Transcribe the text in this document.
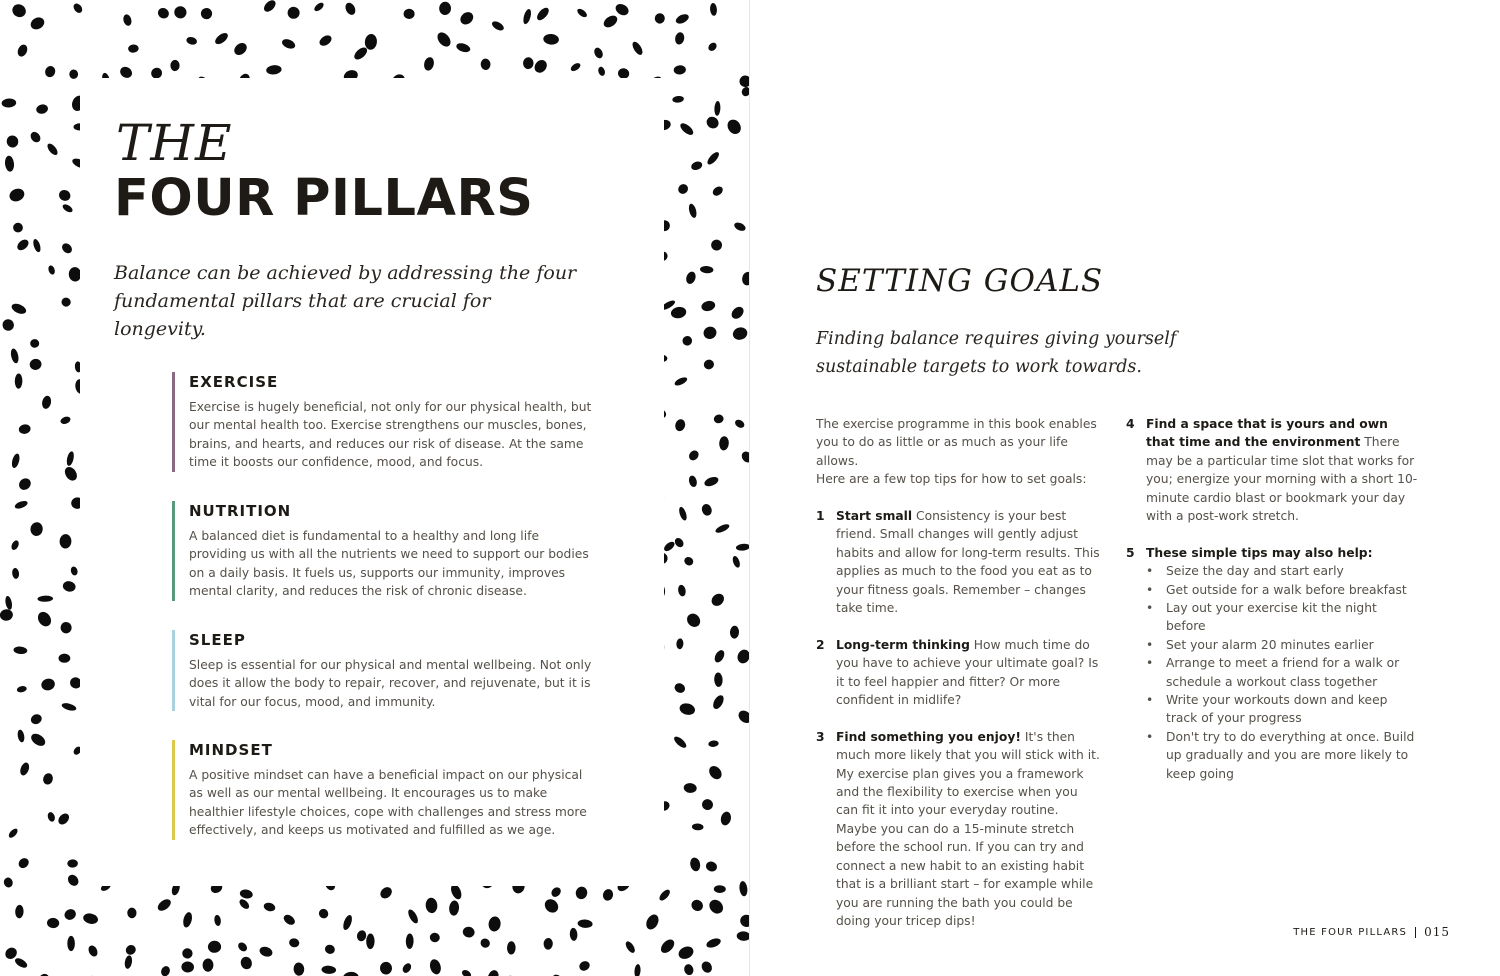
THE
FOUR PILLARS
Balance can be achieved by addressing the four
fundamental pillars that are crucial for longevity.
EXERCISE

Exercise is hugely beneficial, not only for our physical health, but our mental health too. Exercise strengthens our muscles, bones, brains, and hearts, and reduces our risk of disease. At the same time it boosts our confidence, mood, and focus.

NUTRITION

A balanced diet is fundamental to a healthy and long life providing us with all the nutrients we need to support our bodies on a daily basis. It fuels us, supports our immunity, improves mental clarity, and reduces the risk of chronic disease.

SLEEP

Sleep is essential for our physical and mental wellbeing. Not only does it allow the body to repair, recover, and rejuvenate, but it is vital for our focus, mood, and immunity.

MINDSET

A positive mindset can have a beneficial impact on our physical as well as our mental wellbeing. It encourages us to make healthier lifestyle choices, cope with challenges and stress more effectively, and keeps us motivated and fulfilled as we age.

SETTING GOALS
Finding balance requires giving yourself
sustainable targets to work towards.

The exercise programme in this book enables
you to do as little or as much as your life allows.
Here are a few top tips for how to set goals:

1 Start small Consistency is your best friend. Small changes will gently adjust habits and allow for long-term results. This applies as much to the food you eat as to your fitness goals. Remember – changes take time.
2 Long-term thinking How much time do you have to achieve your ultimate goal? Is it to feel happier and fitter? Or more confident in midlife?
3 Find something you enjoy! It's then much more likely that you will stick with it. My exercise plan gives you a framework and the flexibility to exercise when you can fit it into your everyday routine. Maybe you can do a 15-minute stretch before the school run. If you can try and connect a new habit to an existing habit that is a brilliant start – for example while you are running the bath you could be doing your tricep dips!
4 Find a space that is yours and own that time and the environment There may be a particular time slot that works for you; energize your morning with a short 10-minute cardio blast or bookmark your day with a post-work stretch.
5 These simple tips may also help:
• Seize the day and start early
• Get outside for a walk before breakfast
• Lay out your exercise kit the night before
• Set your alarm 20 minutes earlier
• Arrange to meet a friend for a walk or schedule a workout class together
• Write your workouts down and keep track of your progress
• Don't try to do everything at once. Build up gradually and you are more likely to keep going
THE FOUR PILLARS 015
